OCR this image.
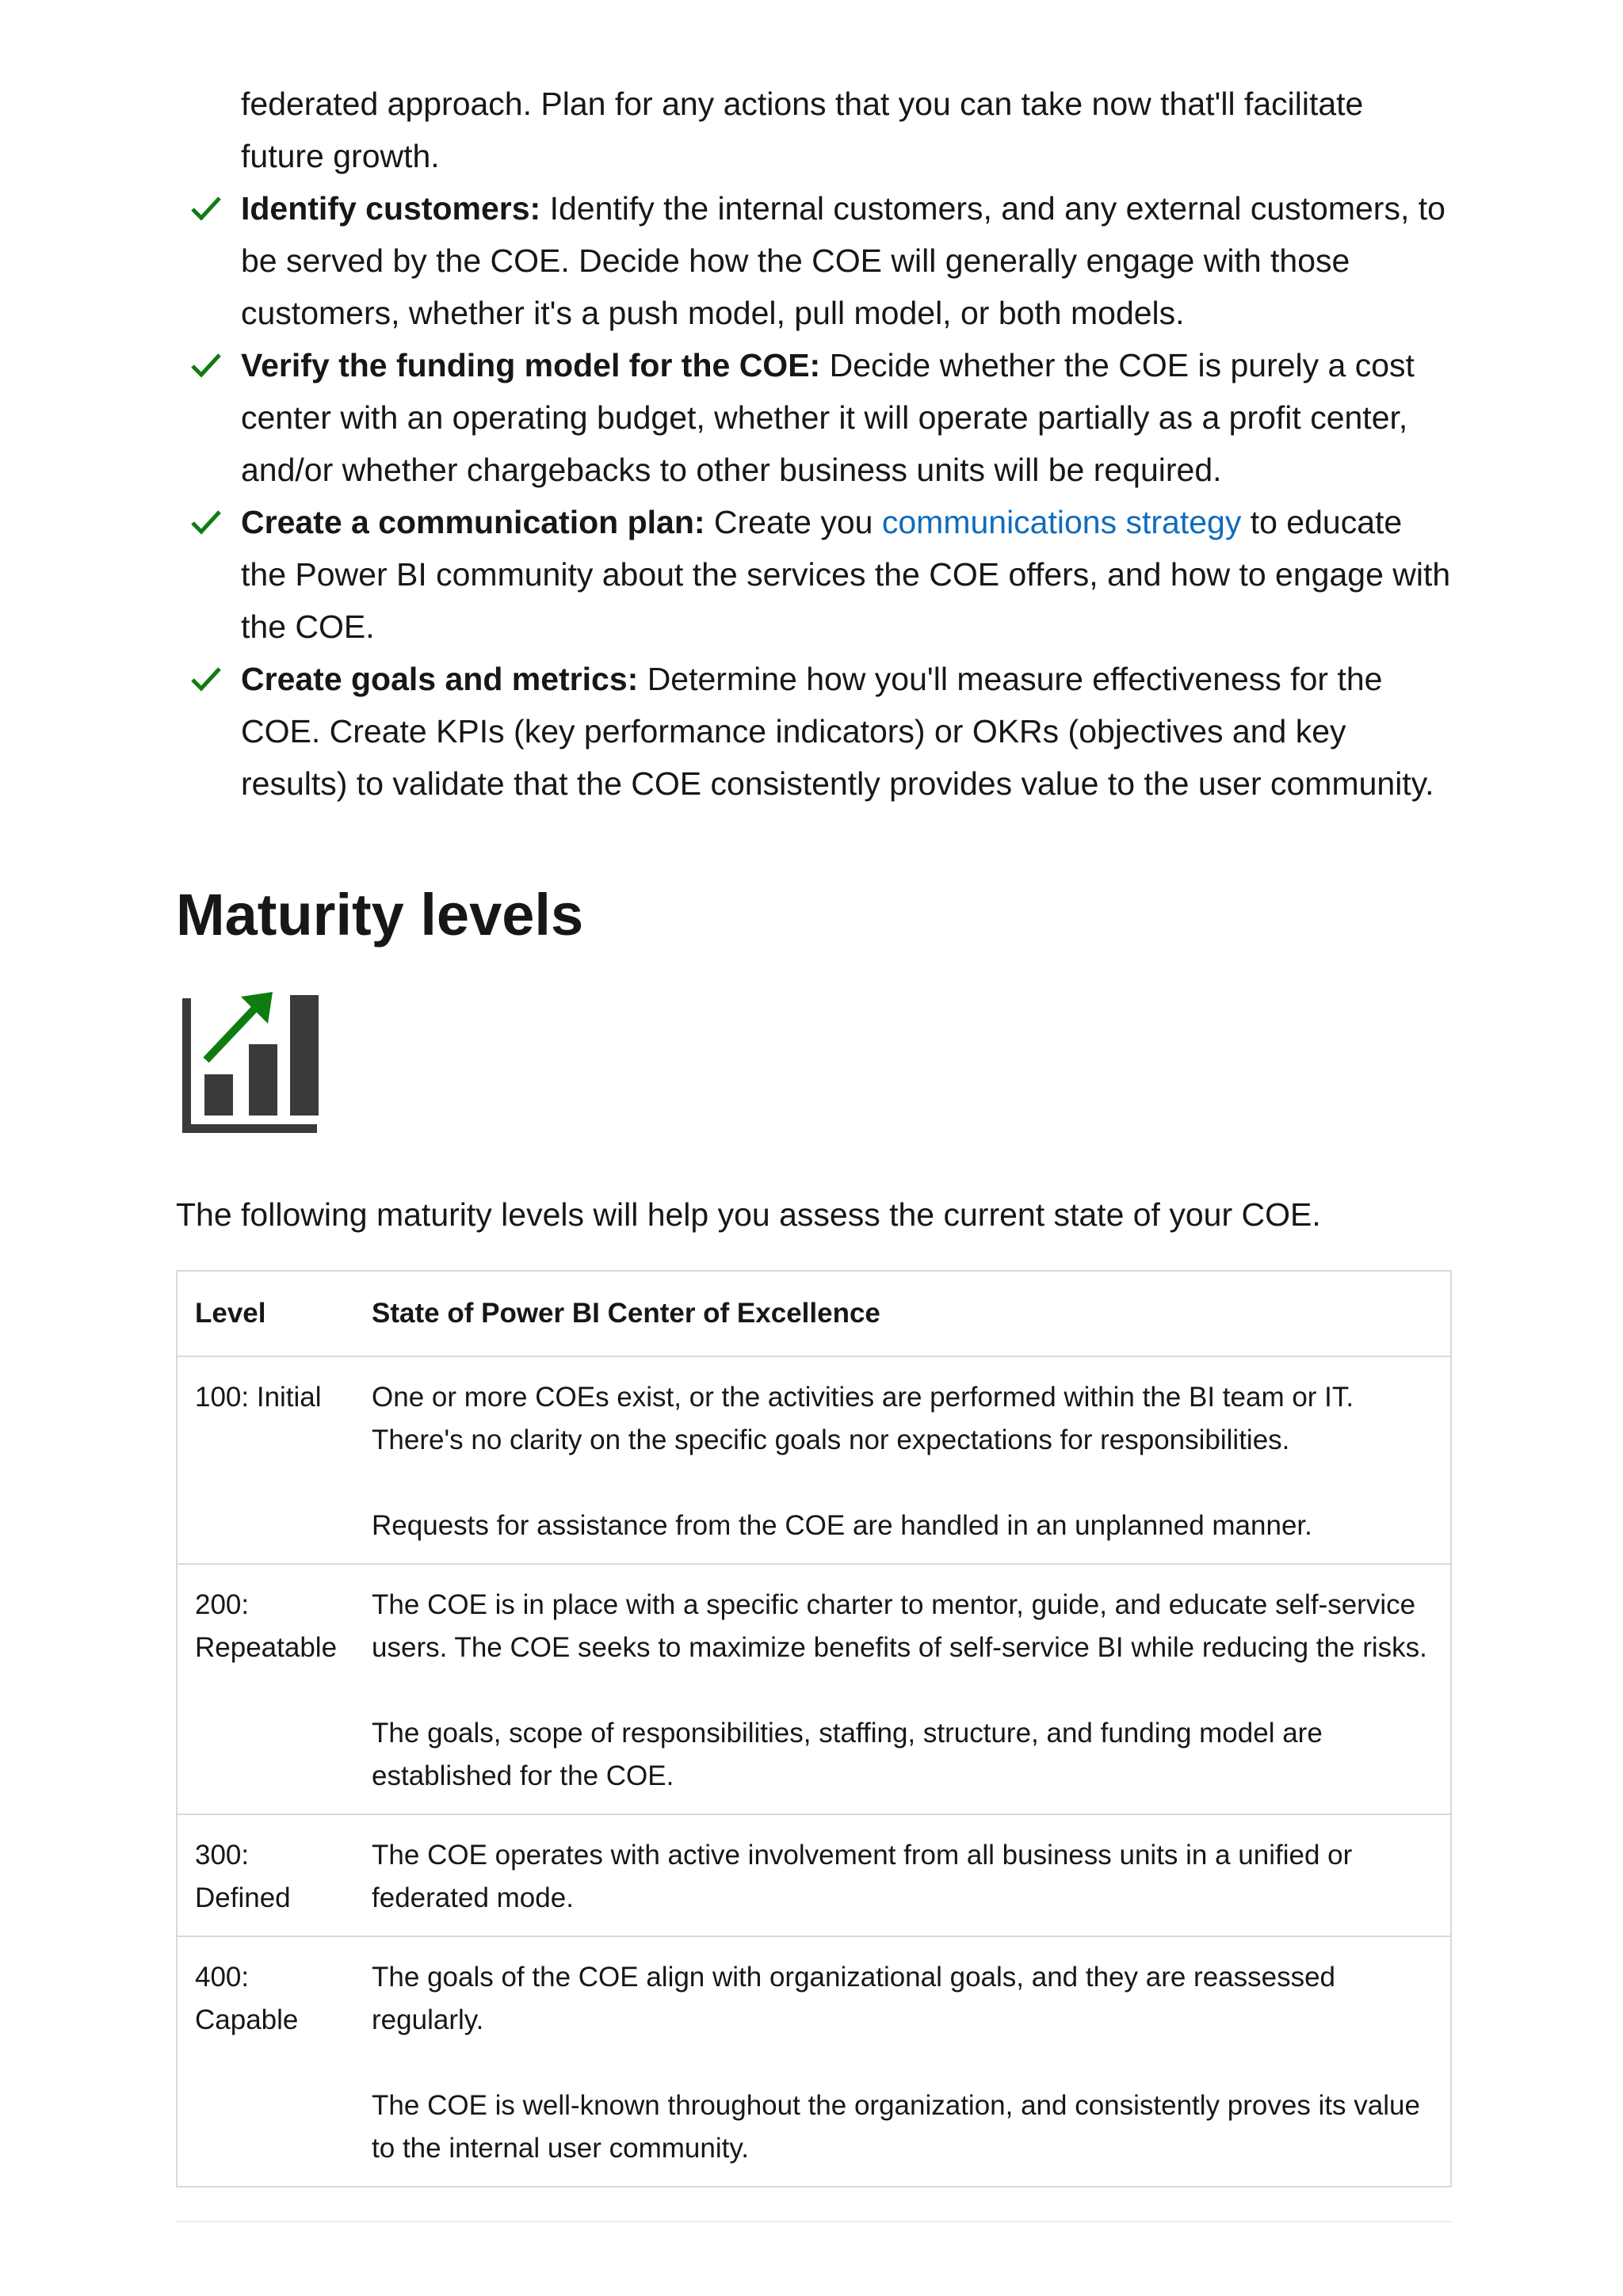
federated approach. Plan for any actions that you can take now that'll facilitate future growth.
Identify customers: Identify the internal customers, and any external customers, to be served by the COE. Decide how the COE will generally engage with those customers, whether it's a push model, pull model, or both models.
Verify the funding model for the COE: Decide whether the COE is purely a cost center with an operating budget, whether it will operate partially as a profit center, and/or whether chargebacks to other business units will be required.
Create a communication plan: Create you communications strategy to educate the Power BI community about the services the COE offers, and how to engage with the COE.
Create goals and metrics: Determine how you'll measure effectiveness for the COE. Create KPIs (key performance indicators) or OKRs (objectives and key results) to validate that the COE consistently provides value to the user community.
Maturity levels

The following maturity levels will help you assess the current state of your COE.

Level	State of Power BI Center of Excellence
100: Initial	One or more COEs exist, or the activities are performed within the BI team or IT. There's no clarity on the specific goals nor expectations for responsibilities.

Requests for assistance from the COE are handled in an unplanned manner.

200: Repeatable	The COE is in place with a specific charter to mentor, guide, and educate self-service users. The COE seeks to maximize benefits of self-service BI while reducing the risks.

The goals, scope of responsibilities, staffing, structure, and funding model are established for the COE.

300: Defined	The COE operates with active involvement from all business units in a unified or federated mode.

400: Capable	The goals of the COE align with organizational goals, and they are reassessed regularly.

The COE is well-known throughout the organization, and consistently proves its value to the internal user community.
